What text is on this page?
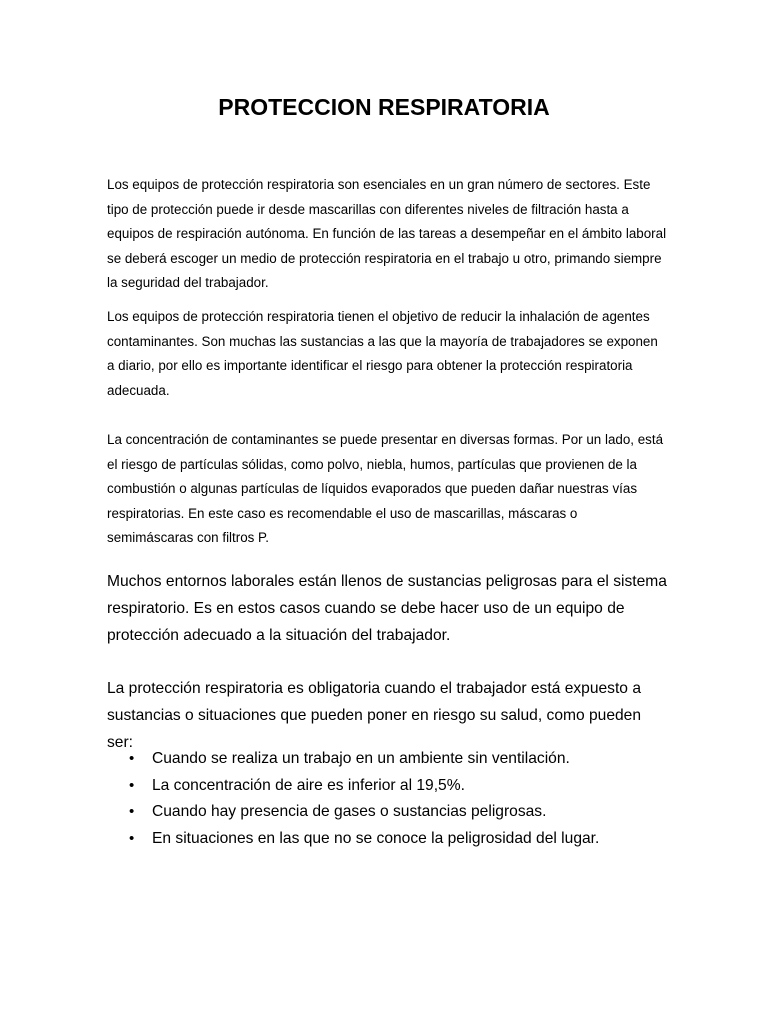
PROTECCION RESPIRATORIA

Los equipos de protección respiratoria son esenciales en un gran número de sectores. Este tipo de protección puede ir desde mascarillas con diferentes niveles de filtración hasta a equipos de respiración autónoma. En función de las tareas a desempeñar en el ámbito laboral se deberá escoger un medio de protección respiratoria en el trabajo u otro, primando siempre la seguridad del trabajador.

Los equipos de protección respiratoria tienen el objetivo de reducir la inhalación de agentes contaminantes. Son muchas las sustancias a las que la mayoría de trabajadores se exponen a diario, por ello es importante identificar el riesgo para obtener la protección respiratoria adecuada.

La concentración de contaminantes se puede presentar en diversas formas. Por un lado, está el riesgo de partículas sólidas, como polvo, niebla, humos, partículas que provienen de la combustión o algunas partículas de líquidos evaporados que pueden dañar nuestras vías respiratorias. En este caso es recomendable el uso de mascarillas, máscaras o semimáscaras con filtros P.

Muchos entornos laborales están llenos de sustancias peligrosas para el sistema respiratorio. Es en estos casos cuando se debe hacer uso de un equipo de protección adecuado a la situación del trabajador.

La protección respiratoria es obligatoria cuando el trabajador está expuesto a sustancias o situaciones que pueden poner en riesgo su salud, como pueden ser:

• Cuando se realiza un trabajo en un ambiente sin ventilación.
• La concentración de aire es inferior al 19,5%.
• Cuando hay presencia de gases o sustancias peligrosas.
• En situaciones en las que no se conoce la peligrosidad del lugar.
